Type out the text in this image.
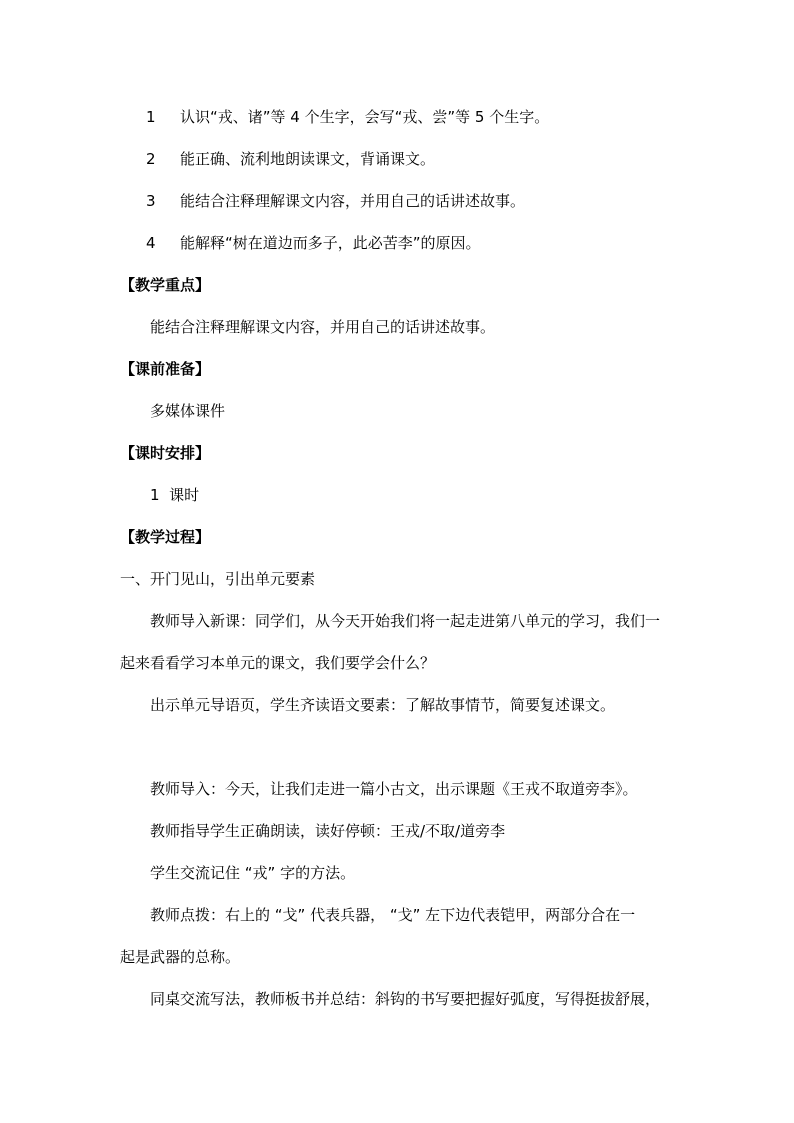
1 认识“戎、诸”等 4 个生字，会写“戎、尝”等 5 个生字。
2 能正确、流利地朗读课文，背诵课文。
3 能结合注释理解课文内容，并用自己的话讲述故事。
4 能解释“树在道边而多子，此必苦李”的原因。
【教学重点】
能结合注释理解课文内容，并用自己的话讲述故事。
【课前准备】
多媒体课件
【课时安排】
1  课时
【教学过程】
一、开门见山，引出单元要素
教师导入新课：同学们，从今天开始我们将一起走进第八单元的学习，我们一
起来看看学习本单元的课文，我们要学会什么？
出示单元导语页，学生齐读语文要素：了解故事情节，简要复述课文。
教师导入：今天，让我们走进一篇小古文，出示课题《王戎不取道旁李》。
教师指导学生正确朗读，读好停顿：王戎/不取/道旁李
学生交流记住 “戎” 字的方法。
教师点拨：右上的 “戈” 代表兵器， “戈” 左下边代表铠甲，两部分合在一
起是武器的总称。
同桌交流写法，教师板书并总结：斜钩的书写要把握好弧度，写得挺拔舒展，
